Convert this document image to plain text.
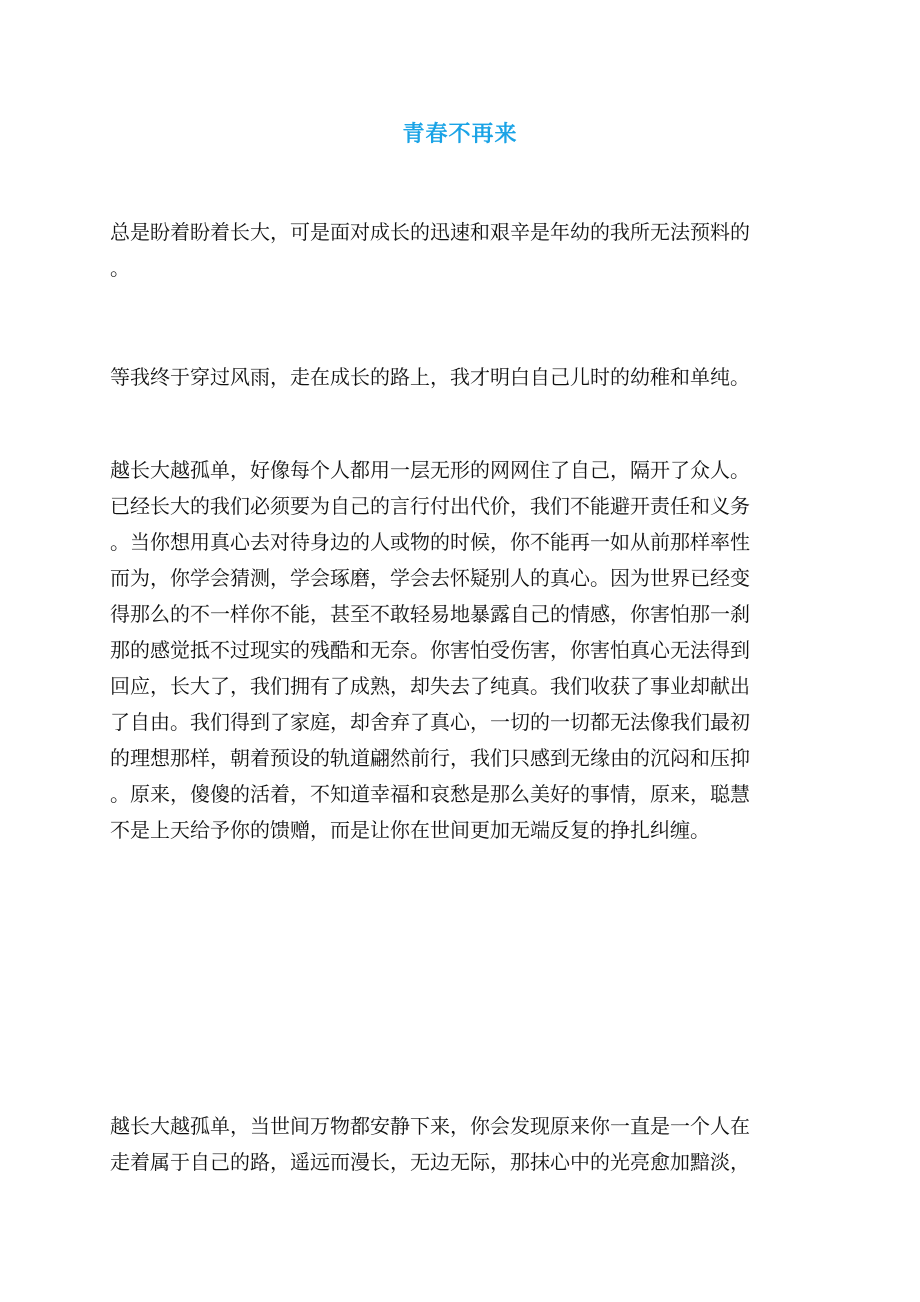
青春不再来
总是盼着盼着长大，可是面对成长的迅速和艰辛是年幼的我所无法预料的
。
等我终于穿过风雨，走在成长的路上，我才明白自己儿时的幼稚和单纯。
越长大越孤单，好像每个人都用一层无形的网网住了自己，隔开了众人。
已经长大的我们必须要为自己的言行付出代价，我们不能避开责任和义务
。当你想用真心去对待身边的人或物的时候，你不能再一如从前那样率性
而为，你学会猜测，学会琢磨，学会去怀疑别人的真心。因为世界已经变
得那么的不一样你不能，甚至不敢轻易地暴露自己的情感，你害怕那一刹
那的感觉抵不过现实的残酷和无奈。你害怕受伤害，你害怕真心无法得到
回应，长大了，我们拥有了成熟，却失去了纯真。我们收获了事业却献出
了自由。我们得到了家庭，却舍弃了真心，一切的一切都无法像我们最初
的理想那样，朝着预设的轨道翩然前行，我们只感到无缘由的沉闷和压抑
。原来，傻傻的活着，不知道幸福和哀愁是那么美好的事情，原来，聪慧
不是上天给予你的馈赠，而是让你在世间更加无端反复的挣扎纠缠。
越长大越孤单，当世间万物都安静下来，你会发现原来你一直是一个人在
走着属于自己的路，遥远而漫长，无边无际，那抹心中的光亮愈加黯淡，
